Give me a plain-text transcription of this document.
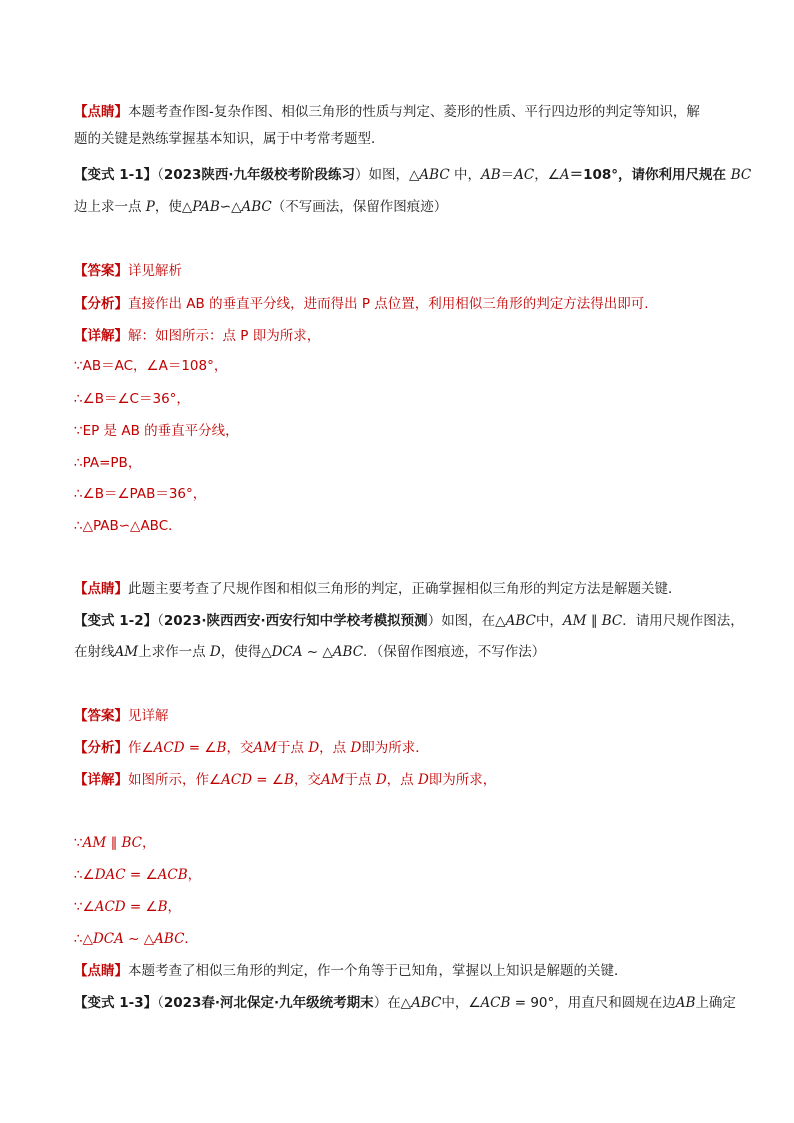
【点睛】本题考查作图-复杂作图、相似三角形的性质与判定、菱形的性质、平行四边形的判定等知识，解
题的关键是熟练掌握基本知识，属于中考常考题型．
【变式 1-1】（2023陕西·九年级校考阶段练习）如图，△ABC 中，AB＝AC，∠A＝108°，请你利用尺规在 BC
边上求一点 P，使△PAB∽△ABC（不写画法，保留作图痕迹）
【答案】详见解析
【分析】直接作出 AB 的垂直平分线，进而得出 P 点位置，利用相似三角形的判定方法得出即可.
【详解】解：如图所示：点 P 即为所求，
∵AB＝AC，∠A＝108°，
∴∠B＝∠C＝36°，
∵EP 是 AB 的垂直平分线，
∴PA=PB，
∴∠B＝∠PAB＝36°，
∴△PAB∽△ABC．
【点睛】此题主要考查了尺规作图和相似三角形的判定，正确掌握相似三角形的判定方法是解题关键．
【变式 1-2】（2023·陕西西安·西安行知中学校考模拟预测）如图，在△ABC中，AM ∥ BC．请用尺规作图法，
在射线AM上求作一点 D，使得△DCA ~ △ABC．（保留作图痕迹，不写作法）
【答案】见详解
【分析】作∠ACD = ∠B，交AM于点 D，点 D即为所求．
【详解】如图所示，作∠ACD = ∠B，交AM于点 D，点 D即为所求，
∵AM ∥ BC，
∴∠DAC = ∠ACB，
∵∠ACD = ∠B，
∴△DCA ~ △ABC．
【点睛】本题考查了相似三角形的判定，作一个角等于已知角，掌握以上知识是解题的关键．
【变式 1-3】（2023春·河北保定·九年级统考期末）在△ABC中，∠ACB = 90°，用直尺和圆规在边AB上确定
